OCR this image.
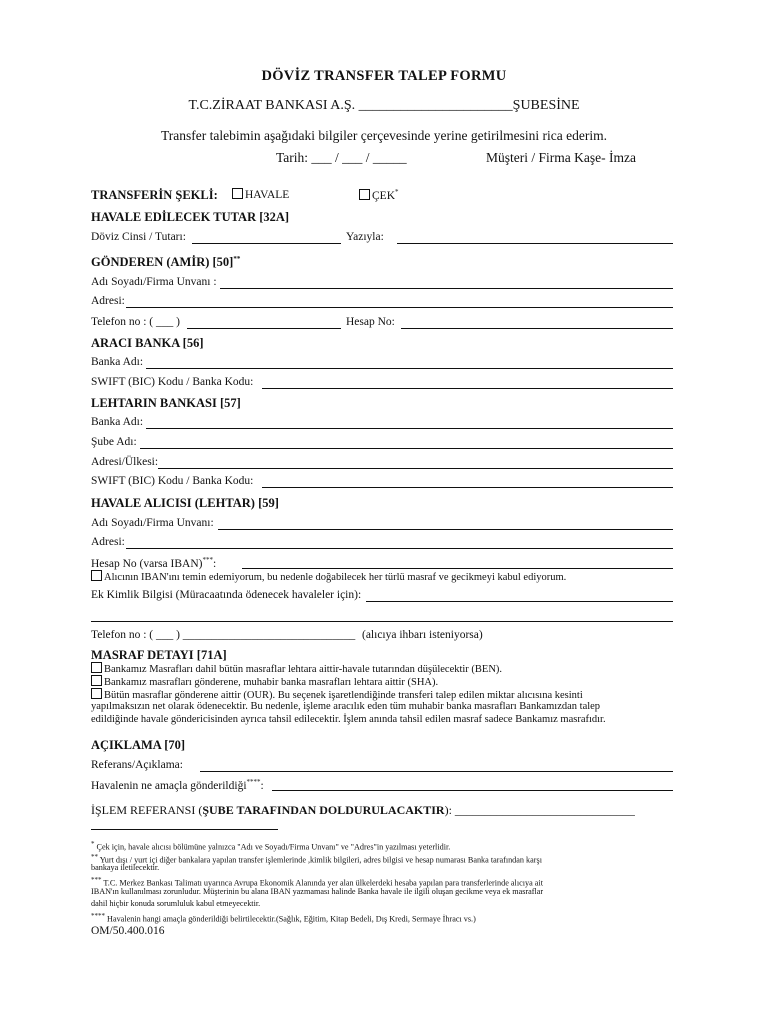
DÖVİZ TRANSFER TALEP FORMU
T.C.ZİRAAT BANKASI A.Ş. ______________________ŞUBESİNE
Transfer talebimin aşağıdaki bilgiler çerçevesinde yerine getirilmesini rica ederim.
Tarih: ___ / ___ / _____	Müşteri / Firma Kaşe- İmza
TRANSFERİN ŞEKLİ:	HAVALE	ÇEK*
HAVALE EDİLECEK TUTAR [32A]
Döviz Cinsi / Tutarı:	Yazıyla:
GÖNDEREN (AMİR) [50]**
Adı Soyadı/Firma Unvanı :
Adresi:
Telefon no : ( ___ )	Hesap No:
ARACI BANKA [56]
Banka Adı:
SWIFT (BIC) Kodu / Banka Kodu:
LEHTARIN BANKASI [57]
Banka Adı:
Şube Adı:
Adresi/Ülkesi:
SWIFT (BIC) Kodu / Banka Kodu:
HAVALE ALICISI (LEHTAR) [59]
Adı Soyadı/Firma Unvanı:
Adresi:
Hesap No (varsa IBAN)***:
Alıcının IBAN'ını temin edemiyorum, bu nedenle doğabilecek her türlü masraf ve gecikmeyi kabul ediyorum.
Ek Kimlik Bilgisi (Müracaatında ödenecek havaleler için):
Telefon no : ( ___ ) ______________________________ (alıcıya ihbarı isteniyorsa)
MASRAF DETAYI [71A]
Bankamız Masrafları dahil bütün masraflar lehtara aittir-havale tutarından düşülecektir (BEN).
Bankamız masrafları gönderene, muhabir banka masrafları lehtara aittir (SHA).
Bütün masraflar gönderene aittir (OUR). Bu seçenek işaretlendiğinde transferi talep edilen miktar alıcısına kesinti
yapılmaksızın net olarak ödenecektir. Bu nedenle, işleme aracılık eden tüm muhabir banka masrafları Bankamızdan talep
edildiğinde havale göndericisinden ayrıca tahsil edilecektir. İşlem anında tahsil edilen masraf sadece Bankamız masrafıdır.
AÇIKLAMA [70]
Referans/Açıklama:
Havalenin ne amaçla gönderildiği****:
İŞLEM REFERANSI (ŞUBE TARAFINDAN DOLDURULACAKTIR): ______________________________
* Çek için, havale alıcısı bölümüne yalnızca "Adı ve Soyadı/Firma Unvanı" ve "Adres"in yazılması yeterlidir.
** Yurt dışı / yurt içi diğer bankalara yapılan transfer işlemlerinde ,kimlik bilgileri, adres bilgisi ve hesap numarası Banka tarafından karşı
bankaya iletilecektir.
*** T.C. Merkez Bankası Talimatı uyarınca Avrupa Ekonomik Alanında yer alan ülkelerdeki hesaba yapılan para transferlerinde alıcıya ait
IBAN'ın kullanılması zorunludur. Müşterinin bu alana IBAN yazmaması halinde Banka havale ile ilgili oluşan gecikme veya ek masraflar
dahil hiçbir konuda sorumluluk kabul etmeyecektir.
**** Havalenin hangi amaçla gönderildiği belirtilecektir.(Sağlık, Eğitim, Kitap Bedeli, Dış Kredi, Sermaye İhracı vs.)
OM/50.400.016
